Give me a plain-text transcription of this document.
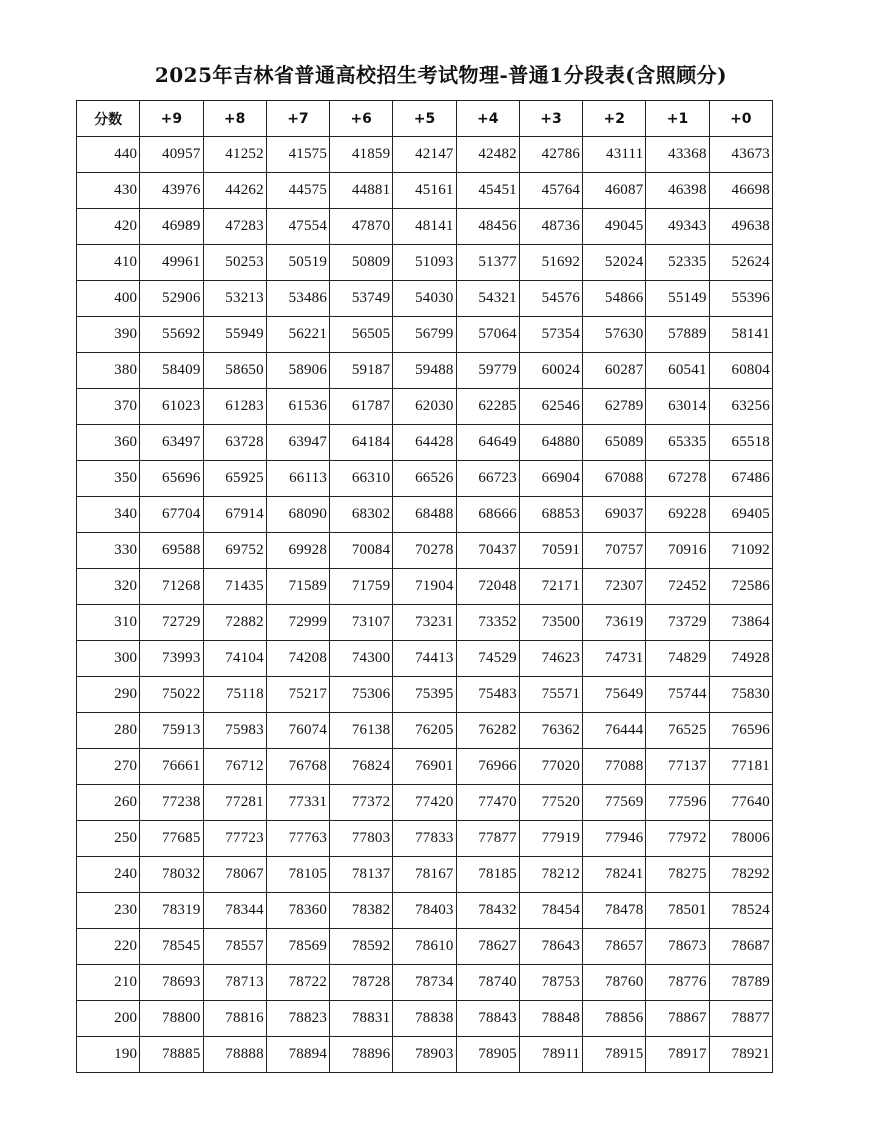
2025年吉林省普通高校招生考试物理-普通1分段表(含照顾分)
分数	+9	+8	+7	+6	+5	+4	+3	+2	+1	+0
440	40957	41252	41575	41859	42147	42482	42786	43111	43368	43673
430	43976	44262	44575	44881	45161	45451	45764	46087	46398	46698
420	46989	47283	47554	47870	48141	48456	48736	49045	49343	49638
410	49961	50253	50519	50809	51093	51377	51692	52024	52335	52624
400	52906	53213	53486	53749	54030	54321	54576	54866	55149	55396
390	55692	55949	56221	56505	56799	57064	57354	57630	57889	58141
380	58409	58650	58906	59187	59488	59779	60024	60287	60541	60804
370	61023	61283	61536	61787	62030	62285	62546	62789	63014	63256
360	63497	63728	63947	64184	64428	64649	64880	65089	65335	65518
350	65696	65925	66113	66310	66526	66723	66904	67088	67278	67486
340	67704	67914	68090	68302	68488	68666	68853	69037	69228	69405
330	69588	69752	69928	70084	70278	70437	70591	70757	70916	71092
320	71268	71435	71589	71759	71904	72048	72171	72307	72452	72586
310	72729	72882	72999	73107	73231	73352	73500	73619	73729	73864
300	73993	74104	74208	74300	74413	74529	74623	74731	74829	74928
290	75022	75118	75217	75306	75395	75483	75571	75649	75744	75830
280	75913	75983	76074	76138	76205	76282	76362	76444	76525	76596
270	76661	76712	76768	76824	76901	76966	77020	77088	77137	77181
260	77238	77281	77331	77372	77420	77470	77520	77569	77596	77640
250	77685	77723	77763	77803	77833	77877	77919	77946	77972	78006
240	78032	78067	78105	78137	78167	78185	78212	78241	78275	78292
230	78319	78344	78360	78382	78403	78432	78454	78478	78501	78524
220	78545	78557	78569	78592	78610	78627	78643	78657	78673	78687
210	78693	78713	78722	78728	78734	78740	78753	78760	78776	78789
200	78800	78816	78823	78831	78838	78843	78848	78856	78867	78877
190	78885	78888	78894	78896	78903	78905	78911	78915	78917	78921
